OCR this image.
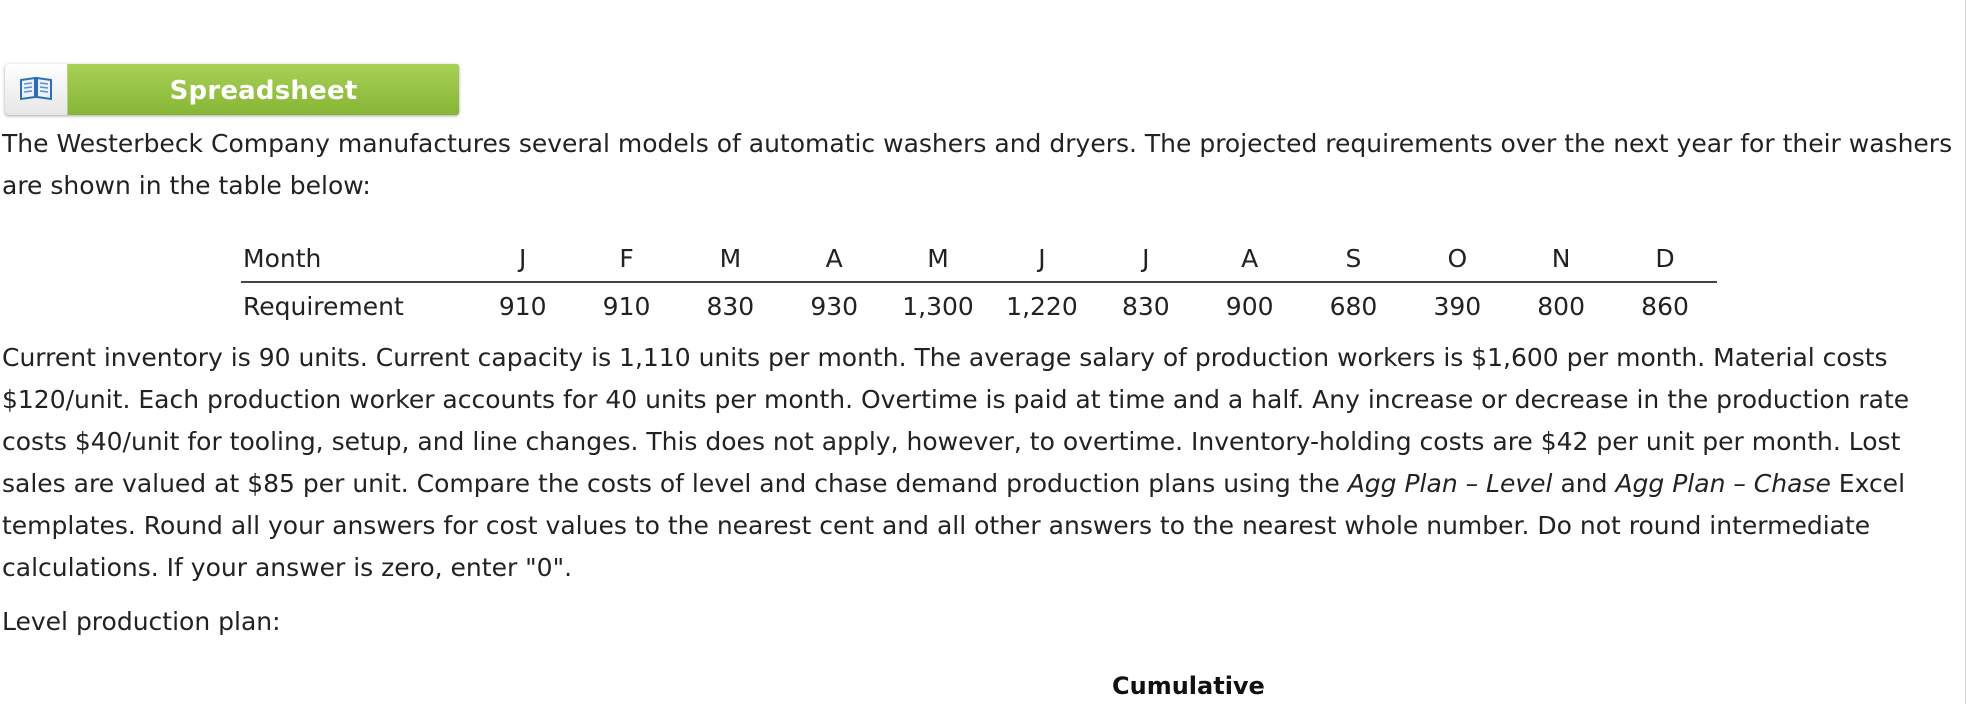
Spreadsheet

The Westerbeck Company manufactures several models of automatic washers and dryers. The projected requirements over the next year for their washers are shown in the table below:

Month	J	F	M	A	M	J	J	A	S	O	N	D
Requirement	910	910	830	930	1,300	1,220	830	900	680	390	800	860

Current inventory is 90 units. Current capacity is 1,110 units per month. The average salary of production workers is $1,600 per month. Material costs $120/unit. Each production worker accounts for 40 units per month. Overtime is paid at time and a half. Any increase or decrease in the production rate costs $40/unit for tooling, setup, and line changes. This does not apply, however, to overtime. Inventory-holding costs are $42 per unit per month. Lost sales are valued at $85 per unit. Compare the costs of level and chase demand production plans using the Agg Plan – Level and Agg Plan – Chase Excel templates. Round all your answers for cost values to the nearest cent and all other answers to the nearest whole number. Do not round intermediate calculations. If your answer is zero, enter "0".

Level production plan:

Cumulative
